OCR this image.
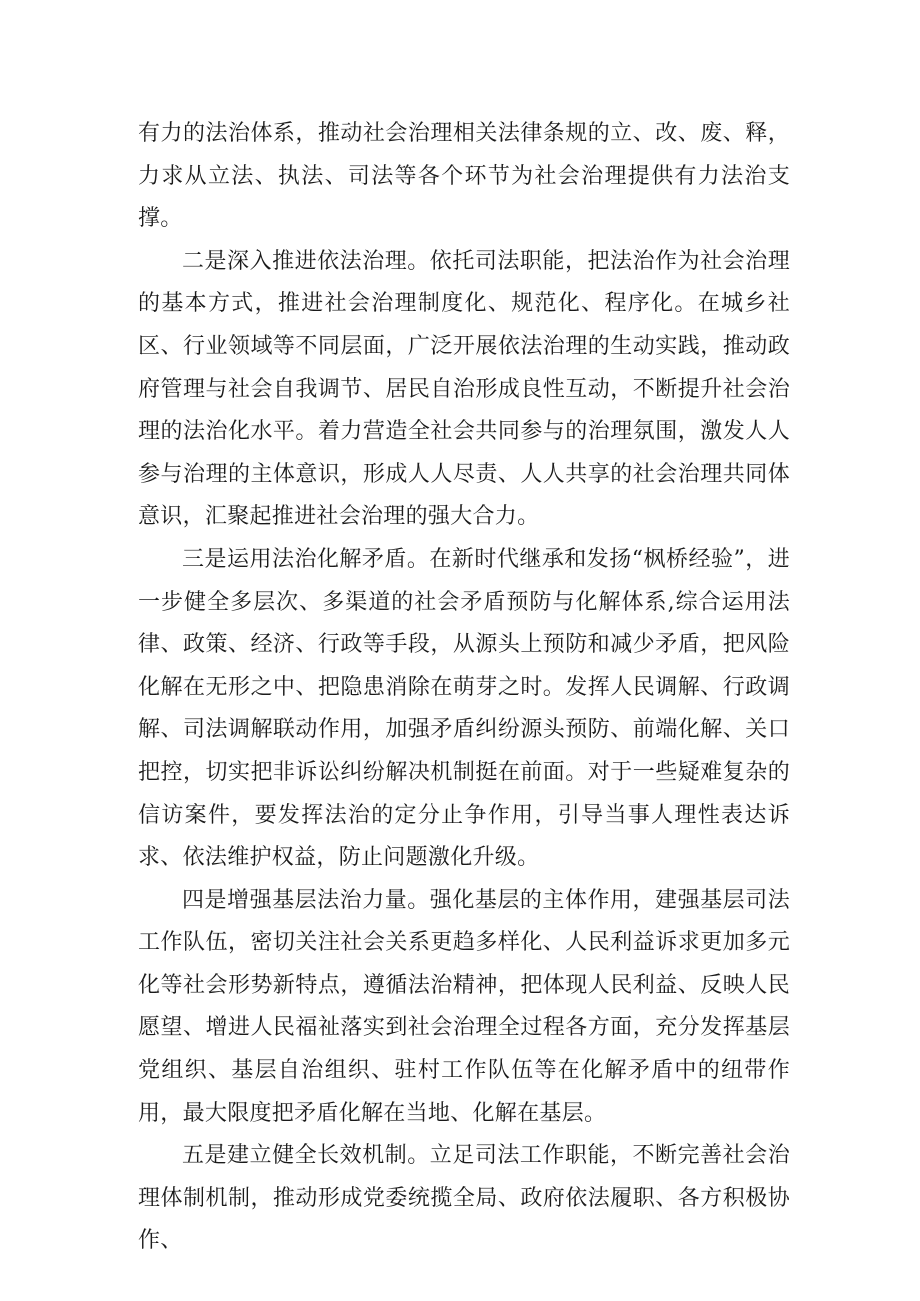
有力的法治体系，推动社会治理相关法律条规的立、改、废、释，力求从立法、执法、司法等各个环节为社会治理提供有力法治支撑。

二是深入推进依法治理。依托司法职能，把法治作为社会治理的基本方式，推进社会治理制度化、规范化、程序化。在城乡社区、行业领域等不同层面，广泛开展依法治理的生动实践，推动政府管理与社会自我调节、居民自治形成良性互动，不断提升社会治理的法治化水平。着力营造全社会共同参与的治理氛围，激发人人参与治理的主体意识，形成人人尽责、人人共享的社会治理共同体意识，汇聚起推进社会治理的强大合力。

三是运用法治化解矛盾。在新时代继承和发扬“枫桥经验”，进一步健全多层次、多渠道的社会矛盾预防与化解体系,综合运用法律、政策、经济、行政等手段，从源头上预防和减少矛盾，把风险化解在无形之中、把隐患消除在萌芽之时。发挥人民调解、行政调解、司法调解联动作用，加强矛盾纠纷源头预防、前端化解、关口把控，切实把非诉讼纠纷解决机制挺在前面。对于一些疑难复杂的信访案件，要发挥法治的定分止争作用，引导当事人理性表达诉求、依法维护权益，防止问题激化升级。

四是增强基层法治力量。强化基层的主体作用，建强基层司法工作队伍，密切关注社会关系更趋多样化、人民利益诉求更加多元化等社会形势新特点，遵循法治精神，把体现人民利益、反映人民愿望、增进人民福祉落实到社会治理全过程各方面，充分发挥基层党组织、基层自治组织、驻村工作队伍等在化解矛盾中的纽带作用，最大限度把矛盾化解在当地、化解在基层。

五是建立健全长效机制。立足司法工作职能，不断完善社会治理体制机制，推动形成党委统揽全局、政府依法履职、各方积极协作、
